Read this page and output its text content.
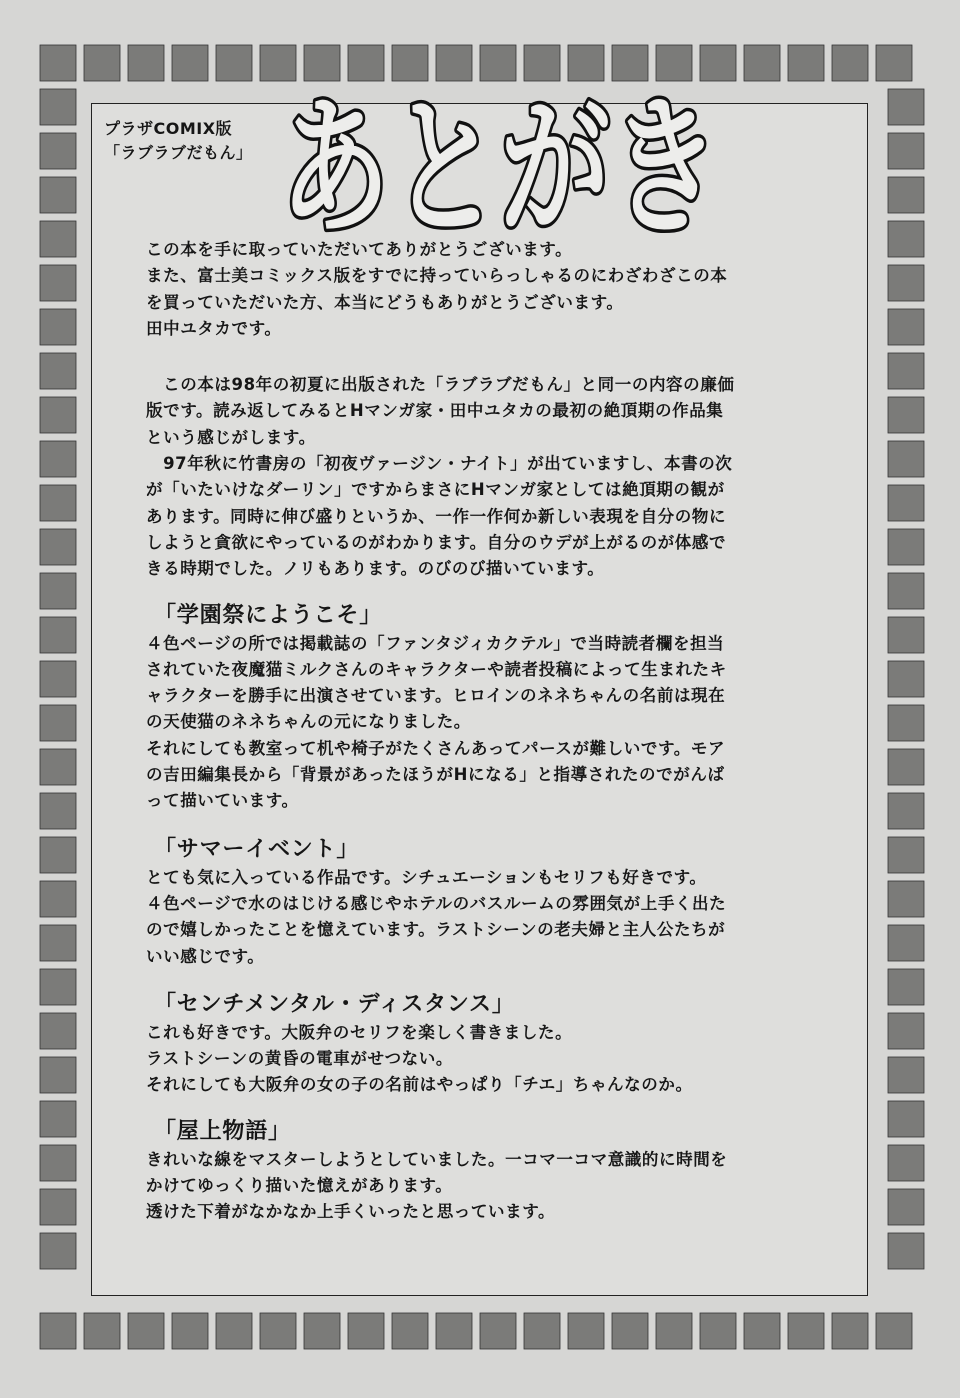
あとがき
プラザCOMIX版
「ラブラブだもん」
この本を手に取っていただいてありがとうございます。
また、富士美コミックス版をすでに持っていらっしゃるのにわざわざこの本
を買っていただいた方、本当にどうもありがとうございます。
田中ユタカです。
　この本は98年の初夏に出版された「ラブラブだもん」と同一の内容の廉価
版です。読み返してみるとHマンガ家・田中ユタカの最初の絶頂期の作品集
という感じがします。
　97年秋に竹書房の「初夜ヴァージン・ナイト」が出ていますし、本書の次
が「いたいけなダーリン」ですからまさにHマンガ家としては絶頂期の観が
あります。同時に伸び盛りというか、一作一作何か新しい表現を自分の物に
しようと貪欲にやっているのがわかります。自分のウデが上がるのが体感で
きる時期でした。ノリもあります。のびのび描いています。
「学園祭にようこそ」
４色ページの所では掲載誌の「ファンタジィカクテル」で当時読者欄を担当
されていた夜魔猫ミルクさんのキャラクターや読者投稿によって生まれたキ
ャラクターを勝手に出演させています。ヒロインのネネちゃんの名前は現在
の天使猫のネネちゃんの元になりました。
それにしても教室って机や椅子がたくさんあってパースが難しいです。モア
の吉田編集長から「背景があったほうがHになる」と指導されたのでがんば
って描いています。
「サマーイベント」
とても気に入っている作品です。シチュエーションもセリフも好きです。
４色ページで水のはじける感じやホテルのバスルームの雰囲気が上手く出た
ので嬉しかったことを憶えています。ラストシーンの老夫婦と主人公たちが
いい感じです。
「センチメンタル・ディスタンス」
これも好きです。大阪弁のセリフを楽しく書きました。
ラストシーンの黄昏の電車がせつない。
それにしても大阪弁の女の子の名前はやっぱり「チエ」ちゃんなのか。
「屋上物語」
きれいな線をマスターしようとしていました。一コマ一コマ意識的に時間を
かけてゆっくり描いた憶えがあります。
透けた下着がなかなか上手くいったと思っています。
